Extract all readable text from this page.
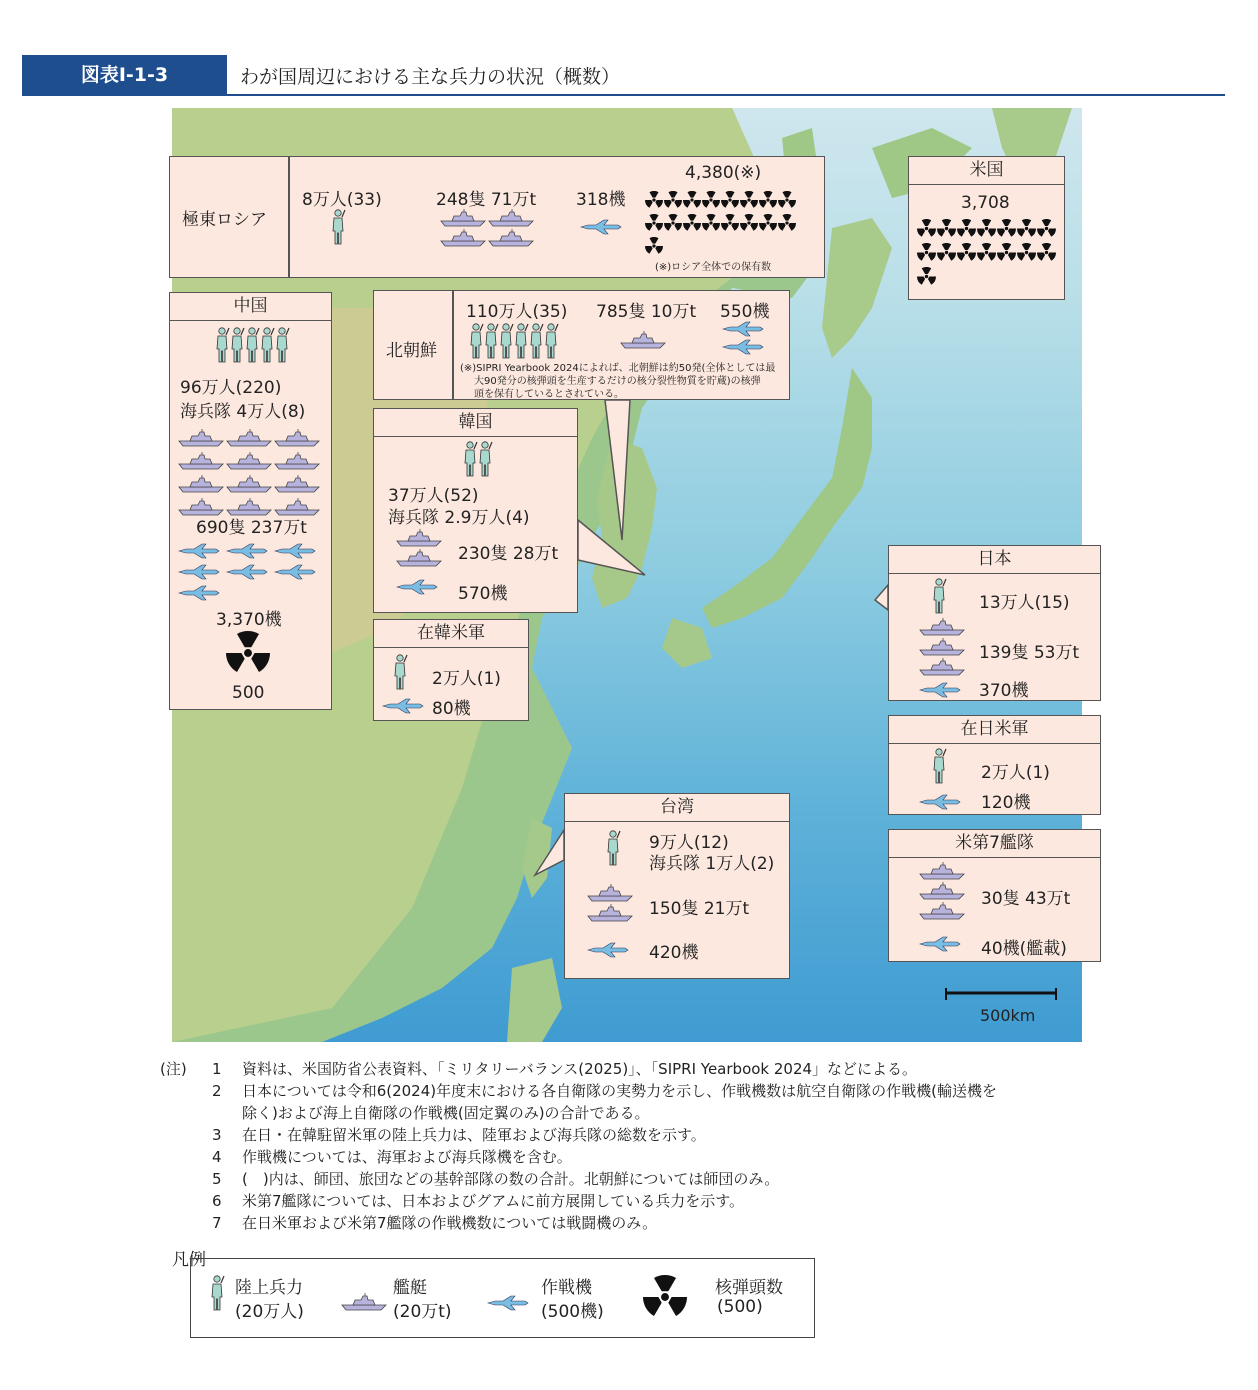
図表Ⅰ-1-3	わが国周辺における主な兵力の状況（概数）
500km
極東ロシア
8万人(33)	248隻 71万t 318機
4,380(※)
(※)ロシア全体での保有数
米国
3,708
中国
96万人(220)
海兵隊 4万人(8)
690隻 237万t
3,370機
500
北朝鮮
110万人(35) 785隻 10万t 550機
(※)SIPRI Yearbook 2024によれば、北朝鮮は約50発(全体としては最
大90発分の核弾頭を生産するだけの核分裂性物質を貯蔵)の核弾
頭を保有しているとされている。
韓国
37万人(52)
海兵隊 2.9万人(4)
230隻 28万t
570機
在韓米軍
2万人(1)
80機
日本
13万人(15)
139隻 53万t
370機
在日米軍
2万人(1)
120機
米第7艦隊
30隻 43万t
40機(艦載)
台湾
9万人(12)
海兵隊 1万人(2)
150隻 21万t
420機
(注) 1 資料は、米国防省公表資料、「ミリタリーバランス(2025)」、「SIPRI Yearbook 2024」などによる。
2 日本については令和6(2024)年度末における各自衛隊の実勢力を示し、作戦機数は航空自衛隊の作戦機(輸送機を
除く)および海上自衛隊の作戦機(固定翼のみ)の合計である。
3 在日・在韓駐留米軍の陸上兵力は、陸軍および海兵隊の総数を示す。
4 作戦機については、海軍および海兵隊機を含む。
5 (　)内は、師団、旅団などの基幹部隊の数の合計。北朝鮮については師団のみ。
6 米第7艦隊については、日本およびグアムに前方展開している兵力を示す。
7 在日米軍および米第7艦隊の作戦機数については戦闘機のみ。
凡例
陸上兵力
(20万人)
艦艇
(20万t)
作戦機
(500機)
核弾頭数
(500)
